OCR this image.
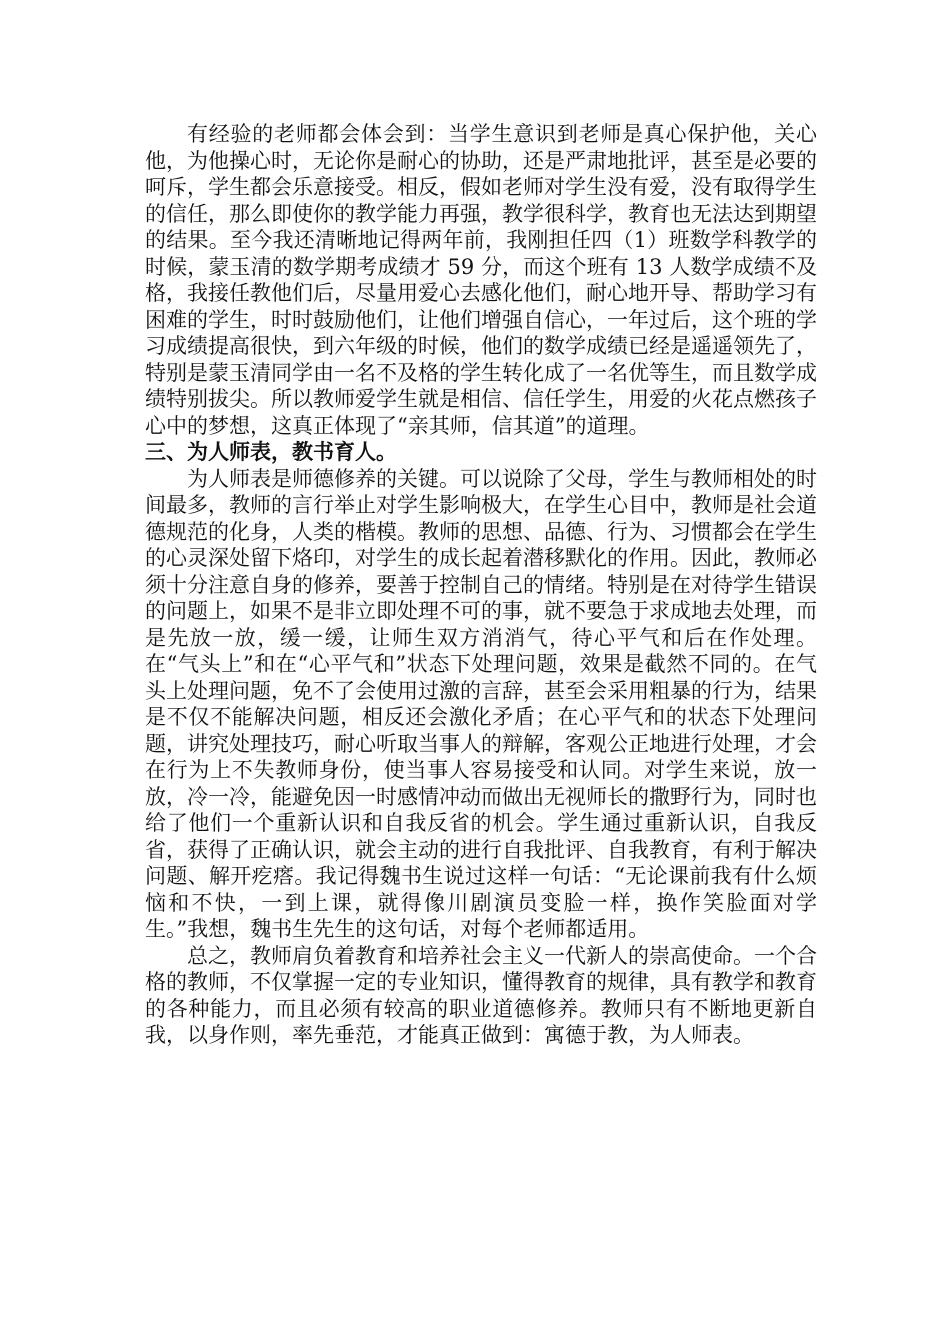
有经验的老师都会体会到：当学生意识到老师是真心保护他，关心他，为他操心时，无论你是耐心的协助，还是严肃地批评，甚至是必要的呵斥，学生都会乐意接受。相反，假如老师对学生没有爱，没有取得学生的信任，那么即使你的教学能力再强，教学很科学，教育也无法达到期望的结果。至今我还清晰地记得两年前，我刚担任四（1）班数学科教学的时候，蒙玉清的数学期考成绩才 59 分，而这个班有 13 人数学成绩不及格，我接任教他们后，尽量用爱心去感化他们，耐心地开导、帮助学习有困难的学生，时时鼓励他们，让他们增强自信心，一年过后，这个班的学习成绩提高很快，到六年级的时候，他们的数学成绩已经是遥遥领先了，特别是蒙玉清同学由一名不及格的学生转化成了一名优等生，而且数学成绩特别拔尖。所以教师爱学生就是相信、信任学生，用爱的火花点燃孩子心中的梦想，这真正体现了“亲其师，信其道”的道理。

三、为人师表，教书育人。

为人师表是师德修养的关键。可以说除了父母，学生与教师相处的时间最多，教师的言行举止对学生影响极大，在学生心目中，教师是社会道德规范的化身，人类的楷模。教师的思想、品德、行为、习惯都会在学生的心灵深处留下烙印，对学生的成长起着潜移默化的作用。因此，教师必须十分注意自身的修养，要善于控制自己的情绪。特别是在对待学生错误的问题上，如果不是非立即处理不可的事，就不要急于求成地去处理，而是先放一放，缓一缓，让师生双方消消气，待心平气和后在作处理。在“气头上”和在“心平气和”状态下处理问题，效果是截然不同的。在气头上处理问题，免不了会使用过激的言辞，甚至会采用粗暴的行为，结果是不仅不能解决问题，相反还会激化矛盾；在心平气和的状态下处理问题，讲究处理技巧，耐心听取当事人的辩解，客观公正地进行处理，才会在行为上不失教师身份，使当事人容易接受和认同。对学生来说，放一放，冷一冷，能避免因一时感情冲动而做出无视师长的撒野行为，同时也给了他们一个重新认识和自我反省的机会。学生通过重新认识，自我反省，获得了正确认识，就会主动的进行自我批评、自我教育，有利于解决问题、解开疙瘩。我记得魏书生说过这样一句话：“无论课前我有什么烦恼和不快，一到上课，就得像川剧演员变脸一样，换作笑脸面对学生。”我想，魏书生先生的这句话，对每个老师都适用。

总之，教师肩负着教育和培养社会主义一代新人的崇高使命。一个合格的教师，不仅掌握一定的专业知识，懂得教育的规律，具有教学和教育的各种能力，而且必须有较高的职业道德修养。教师只有不断地更新自我，以身作则，率先垂范，才能真正做到：寓德于教，为人师表。
